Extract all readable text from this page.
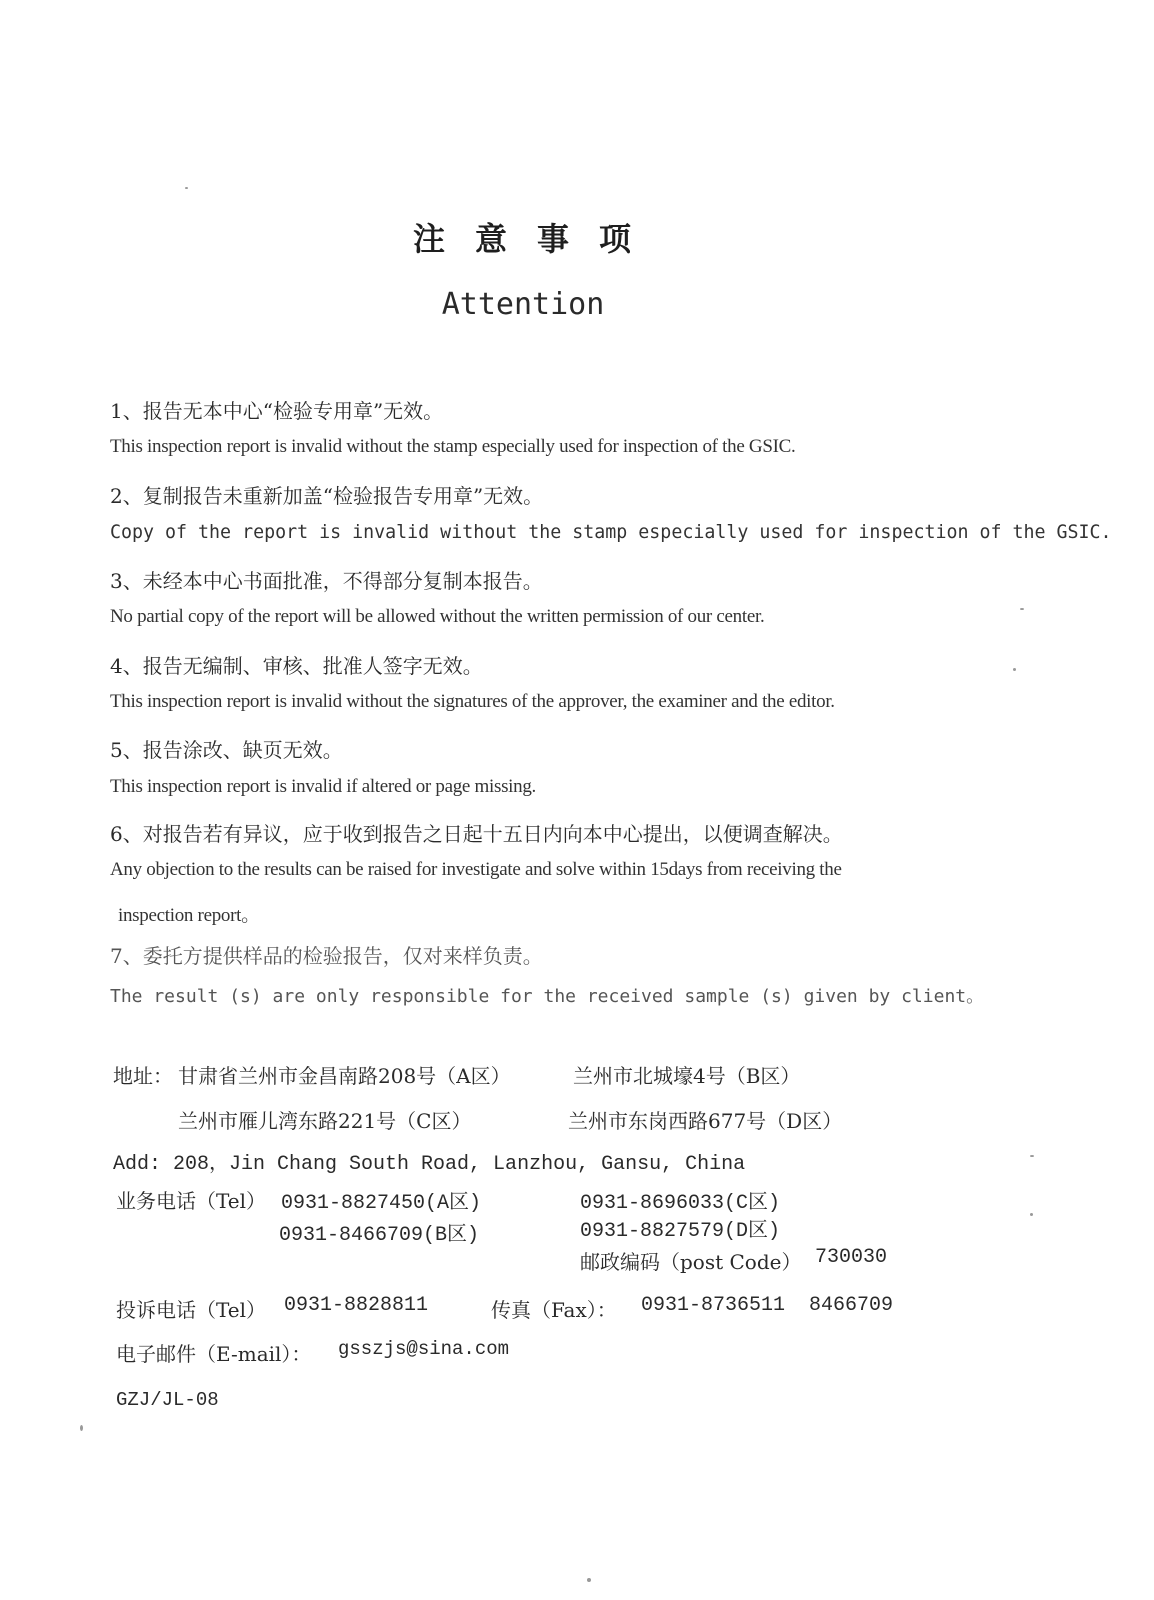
注意事项
Attention
1、报告无本中心“检验专用章”无效。
This inspection report is invalid without the stamp especially used for inspection of the GSIC.
2、复制报告未重新加盖“检验报告专用章”无效。
Copy of the report is invalid without the stamp especially used for inspection of the GSIC.
3、未经本中心书面批准，不得部分复制本报告。
No partial copy of the report will be allowed without the written permission of our center.
4、报告无编制、审核、批准人签字无效。
This inspection report is invalid without the signatures of the approver, the examiner and the editor.
5、报告涂改、缺页无效。
This inspection report is invalid if altered or page missing.
6、对报告若有异议，应于收到报告之日起十五日内向本中心提出，以便调查解决。
Any objection to the results can be raised for investigate and solve within 15days from receiving the
inspection report。
7、委托方提供样品的检验报告，仅对来样负责。
The result (s) are only responsible for the received sample (s) given by client。
地址： 甘肃省兰州市金昌南路208号（A区）	兰州市北城壕4号（B区）
兰州市雁儿湾东路221号（C区）	兰州市东岗西路677号（D区）
Add: 208，Jin Chang South Road, Lanzhou, Gansu, China
业务电话（Tel） 0931-8827450(A区)
0931-8466709(B区)
0931-8696033(C区)
0931-8827579(D区)
邮政编码（post Code） 730030
投诉电话（Tel） 0931-8828811	传真（Fax）： 0931-8736511  8466709
电子邮件（E-mail）： gsszjs@sina.com
GZJ/JL-08
